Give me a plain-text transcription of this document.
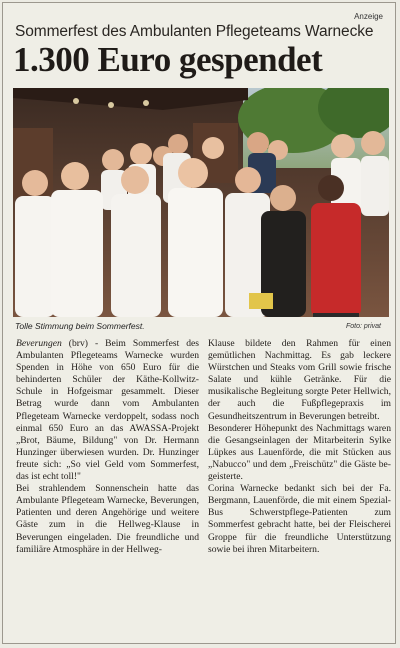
Anzeige
Sommerfest des Ambulanten Pflegeteams Warnecke
1.300 Euro gespendet
Tolle Stimmung beim Sommerfest.	Foto: privat

Beverungen (brv) - Beim Sommerfest des Ambulanten Pflegeteams Warnecke wurden Spenden in Höhe von 650 Euro für die behinderten Schüler der Käthe-Kollwitz-Schule in Hofgeismar gesammelt. Dieser Betrag wurde dann vom Ambulanten Pflegeteam Warnecke verdoppelt, sodass noch einmal 650 Euro an das AWASSA-Projekt „Brot, Bäume, Bildung" von Dr. Hermann Hunzinger überwiesen wurden. Dr. Hunzinger freute sich: „So viel Geld vom Sommerfest, das ist echt toll!"

Bei strahlendem Sonnenschein hatte das Ambulante Pflegeteam Warnecke, Beverungen, Patienten und deren Angehörige und weitere Gäste zum in die Hellweg-Klause in Beverungen eingeladen. Die freundliche und familiäre Atmosphäre in der Hellweg-

Klause bildete den Rahmen für einen gemütlichen Nachmittag. Es gab leckere Würstchen und Steaks vom Grill sowie frische Salate und kühle Getränke. Für die musikalische Begleitung sorgte Peter Hellwich, der auch die Fußpflegepraxis im Gesundheitszentrum in Beverungen betreibt.

Besonderer Höhepunkt des Nachmittags waren die Gesangseinlagen der Mitarbeiterin Sylke Lüpkes aus Lauenförde, die mit Stücken aus „Nabucco" und dem „Freischütz" die Gäste be-geisterte.

Corina Warnecke bedankt sich bei der Fa. Bergmann, Lauenförde, die mit einem Spezial-Bus Schwerstpflege-Patienten zum Sommerfest gebracht hatte, bei der Fleischerei Groppe für die freundliche Unterstützung sowie bei ihren Mitarbeitern.
